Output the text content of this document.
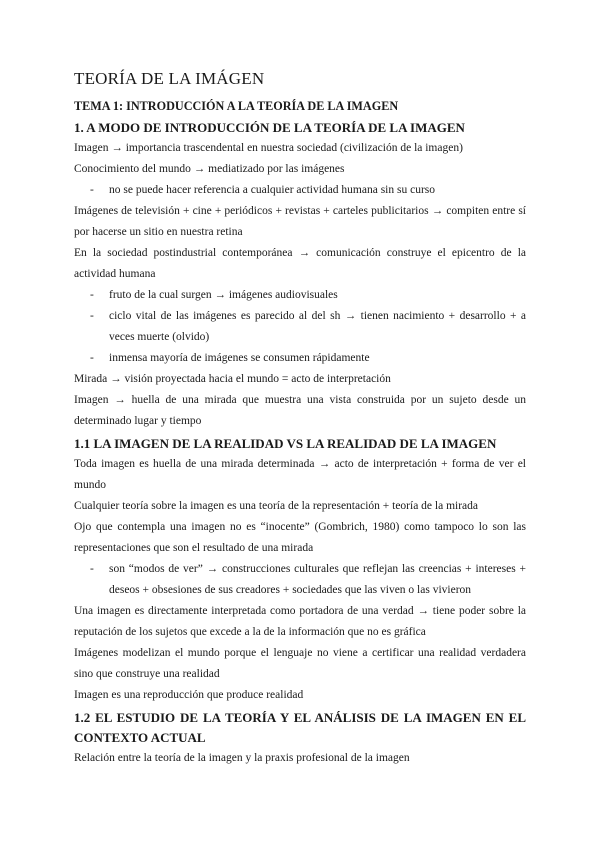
TEORÍA DE LA IMÁGEN
TEMA 1: INTRODUCCIÓN A LA TEORÍA DE LA IMAGEN
1. A MODO DE INTRODUCCIÓN DE LA TEORÍA DE LA IMAGEN

Imagen → importancia trascendental en nuestra sociedad (civilización de la imagen)

Conocimiento del mundo → mediatizado por las imágenes

- no se puede hacer referencia a cualquier actividad humana sin su curso

Imágenes de televisión + cine + periódicos + revistas + carteles publicitarios → compiten entre sí por hacerse un sitio en nuestra retina

En la sociedad postindustrial contemporánea → comunicación construye el epicentro de la actividad humana

- fruto de la cual surgen → imágenes audiovisuales
- ciclo vital de las imágenes es parecido al del sh → tienen nacimiento + desarrollo + a veces muerte (olvido)
- inmensa mayoría de imágenes se consumen rápidamente

Mirada → visión proyectada hacia el mundo = acto de interpretación

Imagen → huella de una mirada que muestra una vista construida por un sujeto desde un determinado lugar y tiempo

1.1 LA IMAGEN DE LA REALIDAD VS LA REALIDAD DE LA IMAGEN

Toda imagen es huella de una mirada determinada → acto de interpretación + forma de ver el mundo

Cualquier teoría sobre la imagen es una teoría de la representación + teoría de la mirada

Ojo que contempla una imagen no es “inocente” (Gombrich, 1980) como tampoco lo son las representaciones que son el resultado de una mirada

- son “modos de ver” → construcciones culturales que reflejan las creencias + intereses + deseos + obsesiones de sus creadores + sociedades que las viven o las vivieron

Una imagen es directamente interpretada como portadora de una verdad → tiene poder sobre la reputación de los sujetos que excede a la de la información que no es gráfica

Imágenes modelizan el mundo porque el lenguaje no viene a certificar una realidad verdadera sino que construye una realidad

Imagen es una reproducción que produce realidad

1.2 EL ESTUDIO DE LA TEORÍA Y EL ANÁLISIS DE LA IMAGEN EN EL CONTEXTO ACTUAL

Relación entre la teoría de la imagen y la praxis profesional de la imagen
